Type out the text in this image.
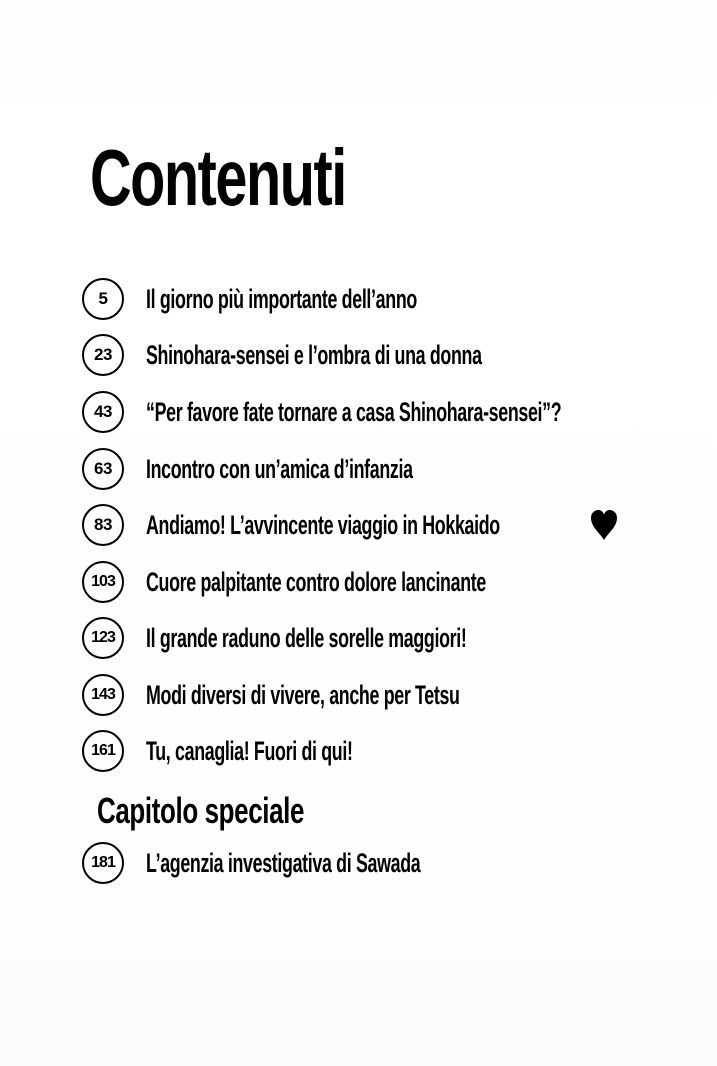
Contenuti
5	Il giorno più importante dell’anno
23	Shinohara-sensei e l’ombra di una donna
43	“Per favore fate tornare a casa Shinohara-sensei”?
63	Incontro con un’amica d’infanzia
83	Andiamo! L’avvincente viaggio in Hokkaido
103	Cuore palpitante contro dolore lancinante
123	Il grande raduno delle sorelle maggiori!
143	Modi diversi di vivere, anche per Tetsu
161	Tu, canaglia! Fuori di qui!
Capitolo speciale
181	L’agenzia investigativa di Sawada
